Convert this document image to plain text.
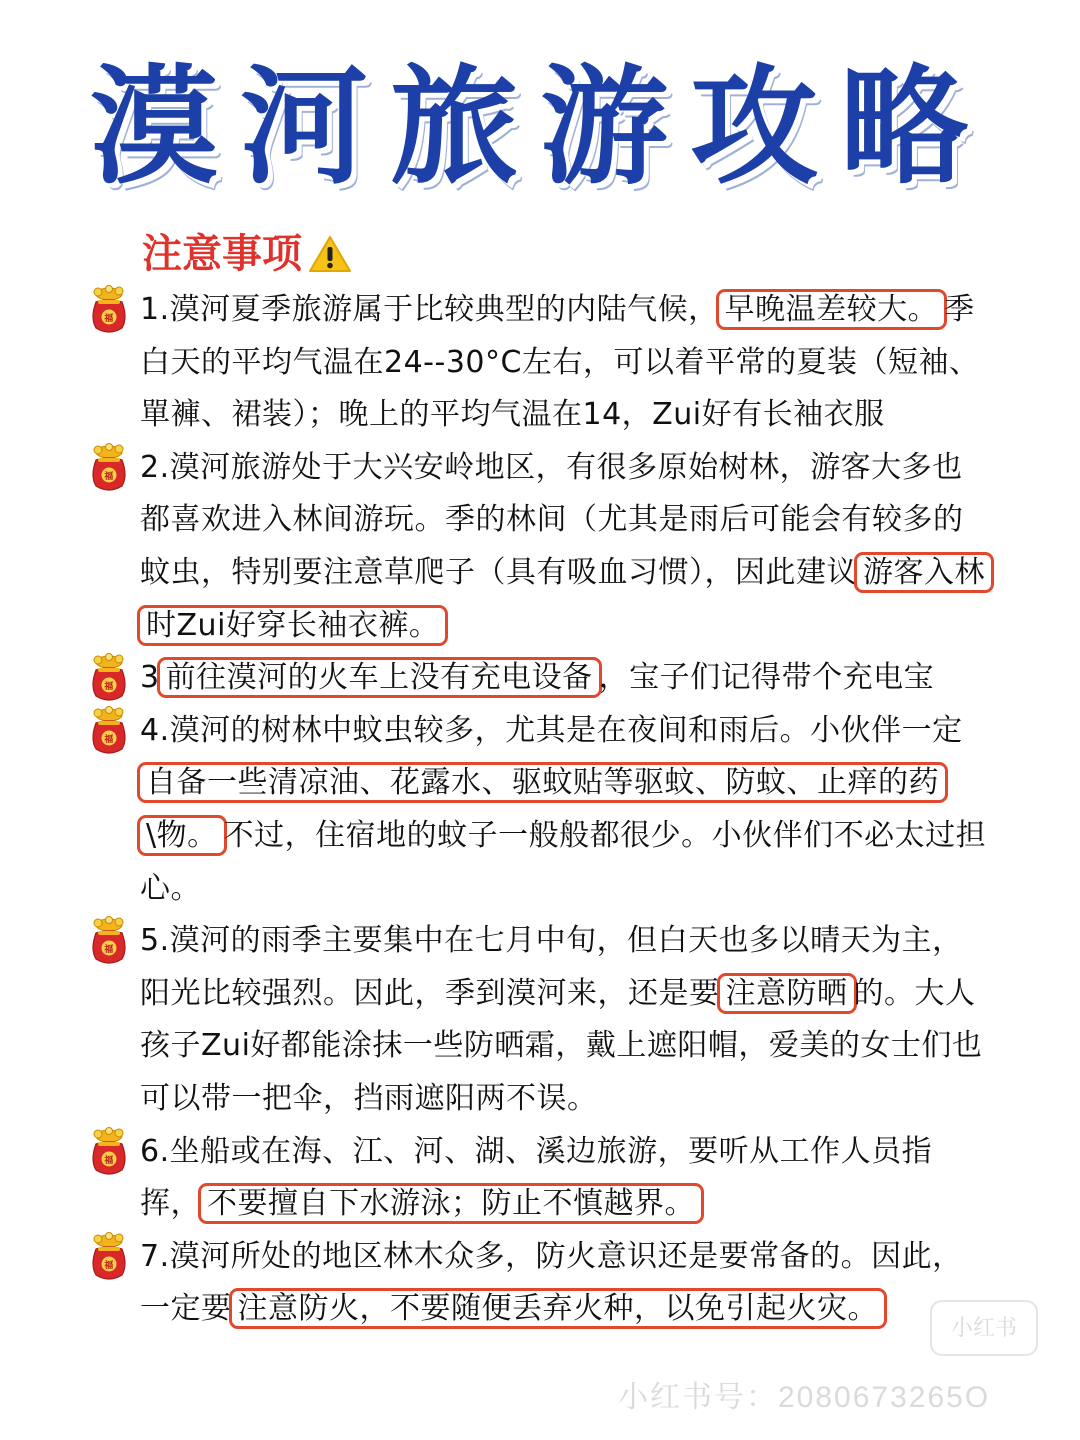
漠河旅游攻略
注意事项

福 1.漠河夏季旅游属于比较典型的内陆气候， 早晚温差较大。 季白天的平均气温在24--30°C左右，可以着平常的夏装（短袖、單褲、裙装）；晚上的平均气温在14，Zui好有长袖衣服

福 2.漠河旅游处于大兴安岭地区，有很多原始树林，游客大多也都喜欢进入林间游玩。季的林间（尤其是雨后可能会有较多的蚊虫，特别要注意草爬子（具有吸血习惯），因此建议 游客入林时Zui好穿长袖衣裤。

福 3 前往漠河的火车上没有充电设备 ，宝子们记得带个充电宝

福 4.漠河的树林中蚊虫较多，尤其是在夜间和雨后。小伙伴一定自备一些清凉油、花露水、驱蚊贴等驱蚊、防蚊、止痒的药\物。 不过，住宿地的蚊子一般般都很少。小伙伴们不必太过担心。

福 5.漠河的雨季主要集中在七月中旬，但白天也多以晴天为主，阳光比较强烈。因此，季到漠河来，还是要 注意防晒 的。大人孩子Zui好都能涂抹一些防晒霜，戴上遮阳帽，爱美的女士们也可以带一把伞，挡雨遮阳两不误。

福 6.坐船或在海、江、河、湖、溪边旅游，要听从工作人员指挥， 不要擅自下水游泳；防止不慎越界。

福 7.漠河所处的地区林木众多，防火意识还是要常备的。因此，一定要 注意防火，不要随便丢弃火种，以免引起火灾。

小红书
小红书号：2080673265O
